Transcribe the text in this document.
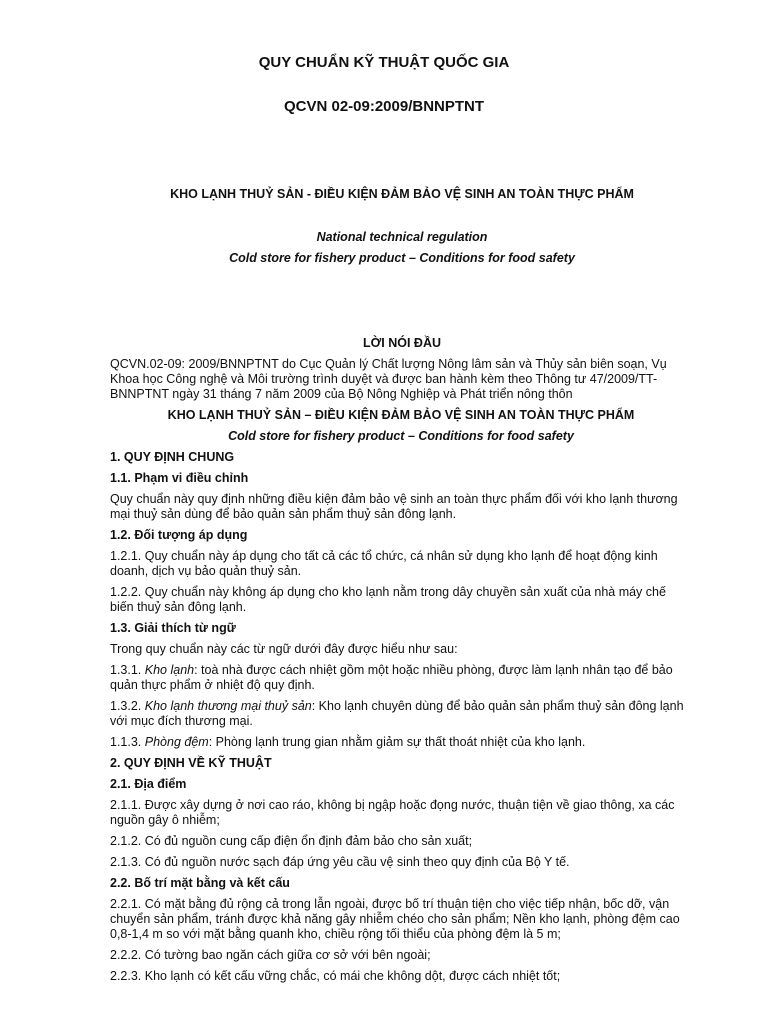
QUY CHUẨN KỸ THUẬT QUỐC GIA
QCVN 02-09:2009/BNNPTNT
KHO LẠNH THUỶ SẢN - ĐIỀU KIỆN ĐẢM BẢO VỆ SINH AN TOÀN THỰC PHẨM
National technical regulation
Cold store for fishery product – Conditions for food safety
LỜI NÓI ĐẦU

QCVN.02-09: 2009/BNNPTNT do Cục Quản lý Chất lượng Nông lâm sản và Thủy sản biên soạn, Vụ Khoa học Công nghệ và Môi trường trình duyệt và được ban hành kèm theo Thông tư 47/2009/TT-BNNPTNT ngày 31 tháng 7 năm 2009 của Bộ Nông Nghiệp và Phát triển nông thôn

KHO LẠNH THUỶ SẢN – ĐIỀU KIỆN ĐẢM BẢO VỆ SINH AN TOÀN THỰC PHẨM

Cold store for fishery product – Conditions for food safety

1. QUY ĐỊNH CHUNG

1.1. Phạm vi điều chỉnh

Quy chuẩn này quy định những điều kiện đảm bảo vệ sinh an toàn thực phẩm đối với kho lạnh thương mại thuỷ sản dùng để bảo quản sản phẩm thuỷ sản đông lạnh.

1.2. Đối tượng áp dụng

1.2.1. Quy chuẩn này áp dụng cho tất cả các tổ chức, cá nhân sử dụng kho lạnh để hoạt động kinh doanh, dịch vụ bảo quản thuỷ sản.

1.2.2. Quy chuẩn này không áp dụng cho kho lạnh nằm trong dây chuyền sản xuất của nhà máy chế biến thuỷ sản đông lạnh.

1.3. Giải thích từ ngữ

Trong quy chuẩn này các từ ngữ dưới đây được hiểu như sau:

1.3.1. Kho lạnh: toà nhà được cách nhiệt gồm một hoặc nhiều phòng, được làm lạnh nhân tạo để bảo quản thực phẩm ở nhiệt độ quy định.

1.3.2. Kho lạnh thương mại thuỷ sản: Kho lạnh chuyên dùng để bảo quản sản phẩm thuỷ sản đông lạnh với mục đích thương mại.

1.1.3. Phòng đệm: Phòng lạnh trung gian nhằm giảm sự thất thoát nhiệt của kho lạnh.

2. QUY ĐỊNH VỀ KỸ THUẬT

2.1. Địa điểm

2.1.1. Được xây dựng ở nơi cao ráo, không bị ngập hoặc đọng nước, thuận tiện về giao thông, xa các nguồn gây ô nhiễm;

2.1.2. Có đủ nguồn cung cấp điện ổn định đảm bảo cho sản xuất;

2.1.3. Có đủ nguồn nước sạch đáp ứng yêu cầu vệ sinh theo quy định của Bộ Y tế.

2.2. Bố trí mặt bằng và kết cấu

2.2.1. Có mặt bằng đủ rộng cả trong lẫn ngoài, được bố trí thuận tiện cho việc tiếp nhận, bốc dỡ, vận chuyển sản phẩm, tránh được khả năng gây nhiễm chéo cho sản phẩm; Nền kho lạnh, phòng đệm cao 0,8-1,4 m so với mặt bằng quanh kho, chiều rộng tối thiểu của phòng đệm là 5 m;

2.2.2. Có tường bao ngăn cách giữa cơ sở với bên ngoài;

2.2.3. Kho lạnh có kết cấu vững chắc, có mái che không dột, được cách nhiệt tốt;
